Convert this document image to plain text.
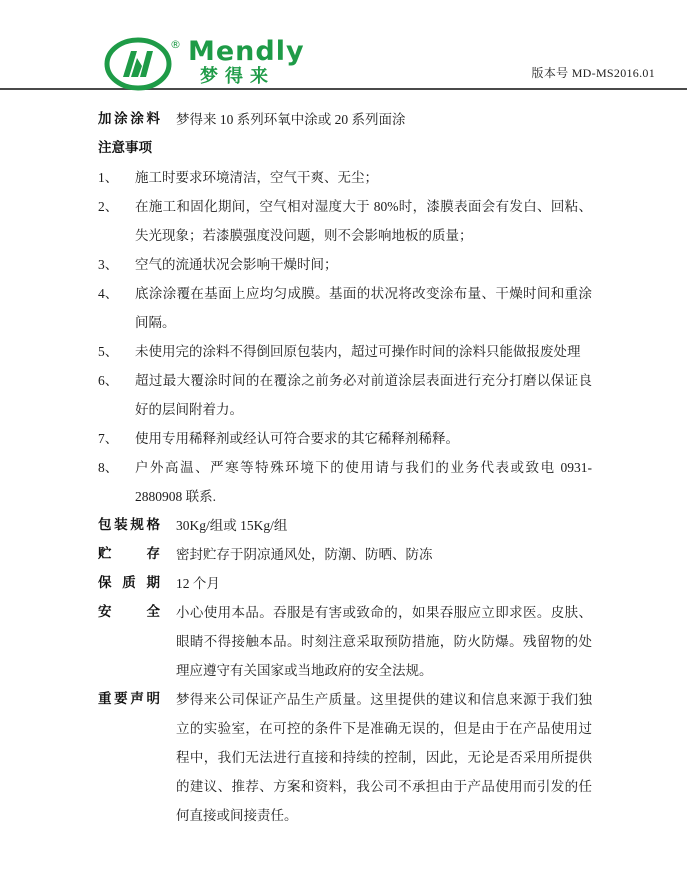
® Mendly
梦得来	版本号 MD-MS2016.01
加涂涂料 梦得来 10 系列环氧中涂或 20 系列面涂
注意事项
1、	施工时要求环境清洁，空气干爽、无尘；
2、	在施工和固化期间，空气相对湿度大于 80%时，漆膜表面会有发白、回粘、失光现象；若漆膜强度没问题，则不会影响地板的质量；
3、	空气的流通状况会影响干燥时间；
4、	底涂涂覆在基面上应均匀成膜。基面的状况将改变涂布量、干燥时间和重涂间隔。
5、	未使用完的涂料不得倒回原包装内，超过可操作时间的涂料只能做报废处理
6、	超过最大覆涂时间的在覆涂之前务必对前道涂层表面进行充分打磨以保证良好的层间附着力。
7、	使用专用稀释剂或经认可符合要求的其它稀释剂稀释。
8、	户外高温、严寒等特殊环境下的使用请与我们的业务代表或致电 0931-2880908 联系.
包装规格 30Kg/组或 15Kg/组
贮存 密封贮存于阴凉通风处，防潮、防晒、防冻
保质期 12 个月
安全 小心使用本品。吞服是有害或致命的，如果吞服应立即求医。皮肤、眼睛不得接触本品。时刻注意采取预防措施，防火防爆。残留物的处理应遵守有关国家或当地政府的安全法规。
重要声明 梦得来公司保证产品生产质量。这里提供的建议和信息来源于我们独立的实验室，在可控的条件下是准确无误的，但是由于在产品使用过程中，我们无法进行直接和持续的控制，因此，无论是否采用所提供的建议、推荐、方案和资料，我公司不承担由于产品使用而引发的任何直接或间接责任。
